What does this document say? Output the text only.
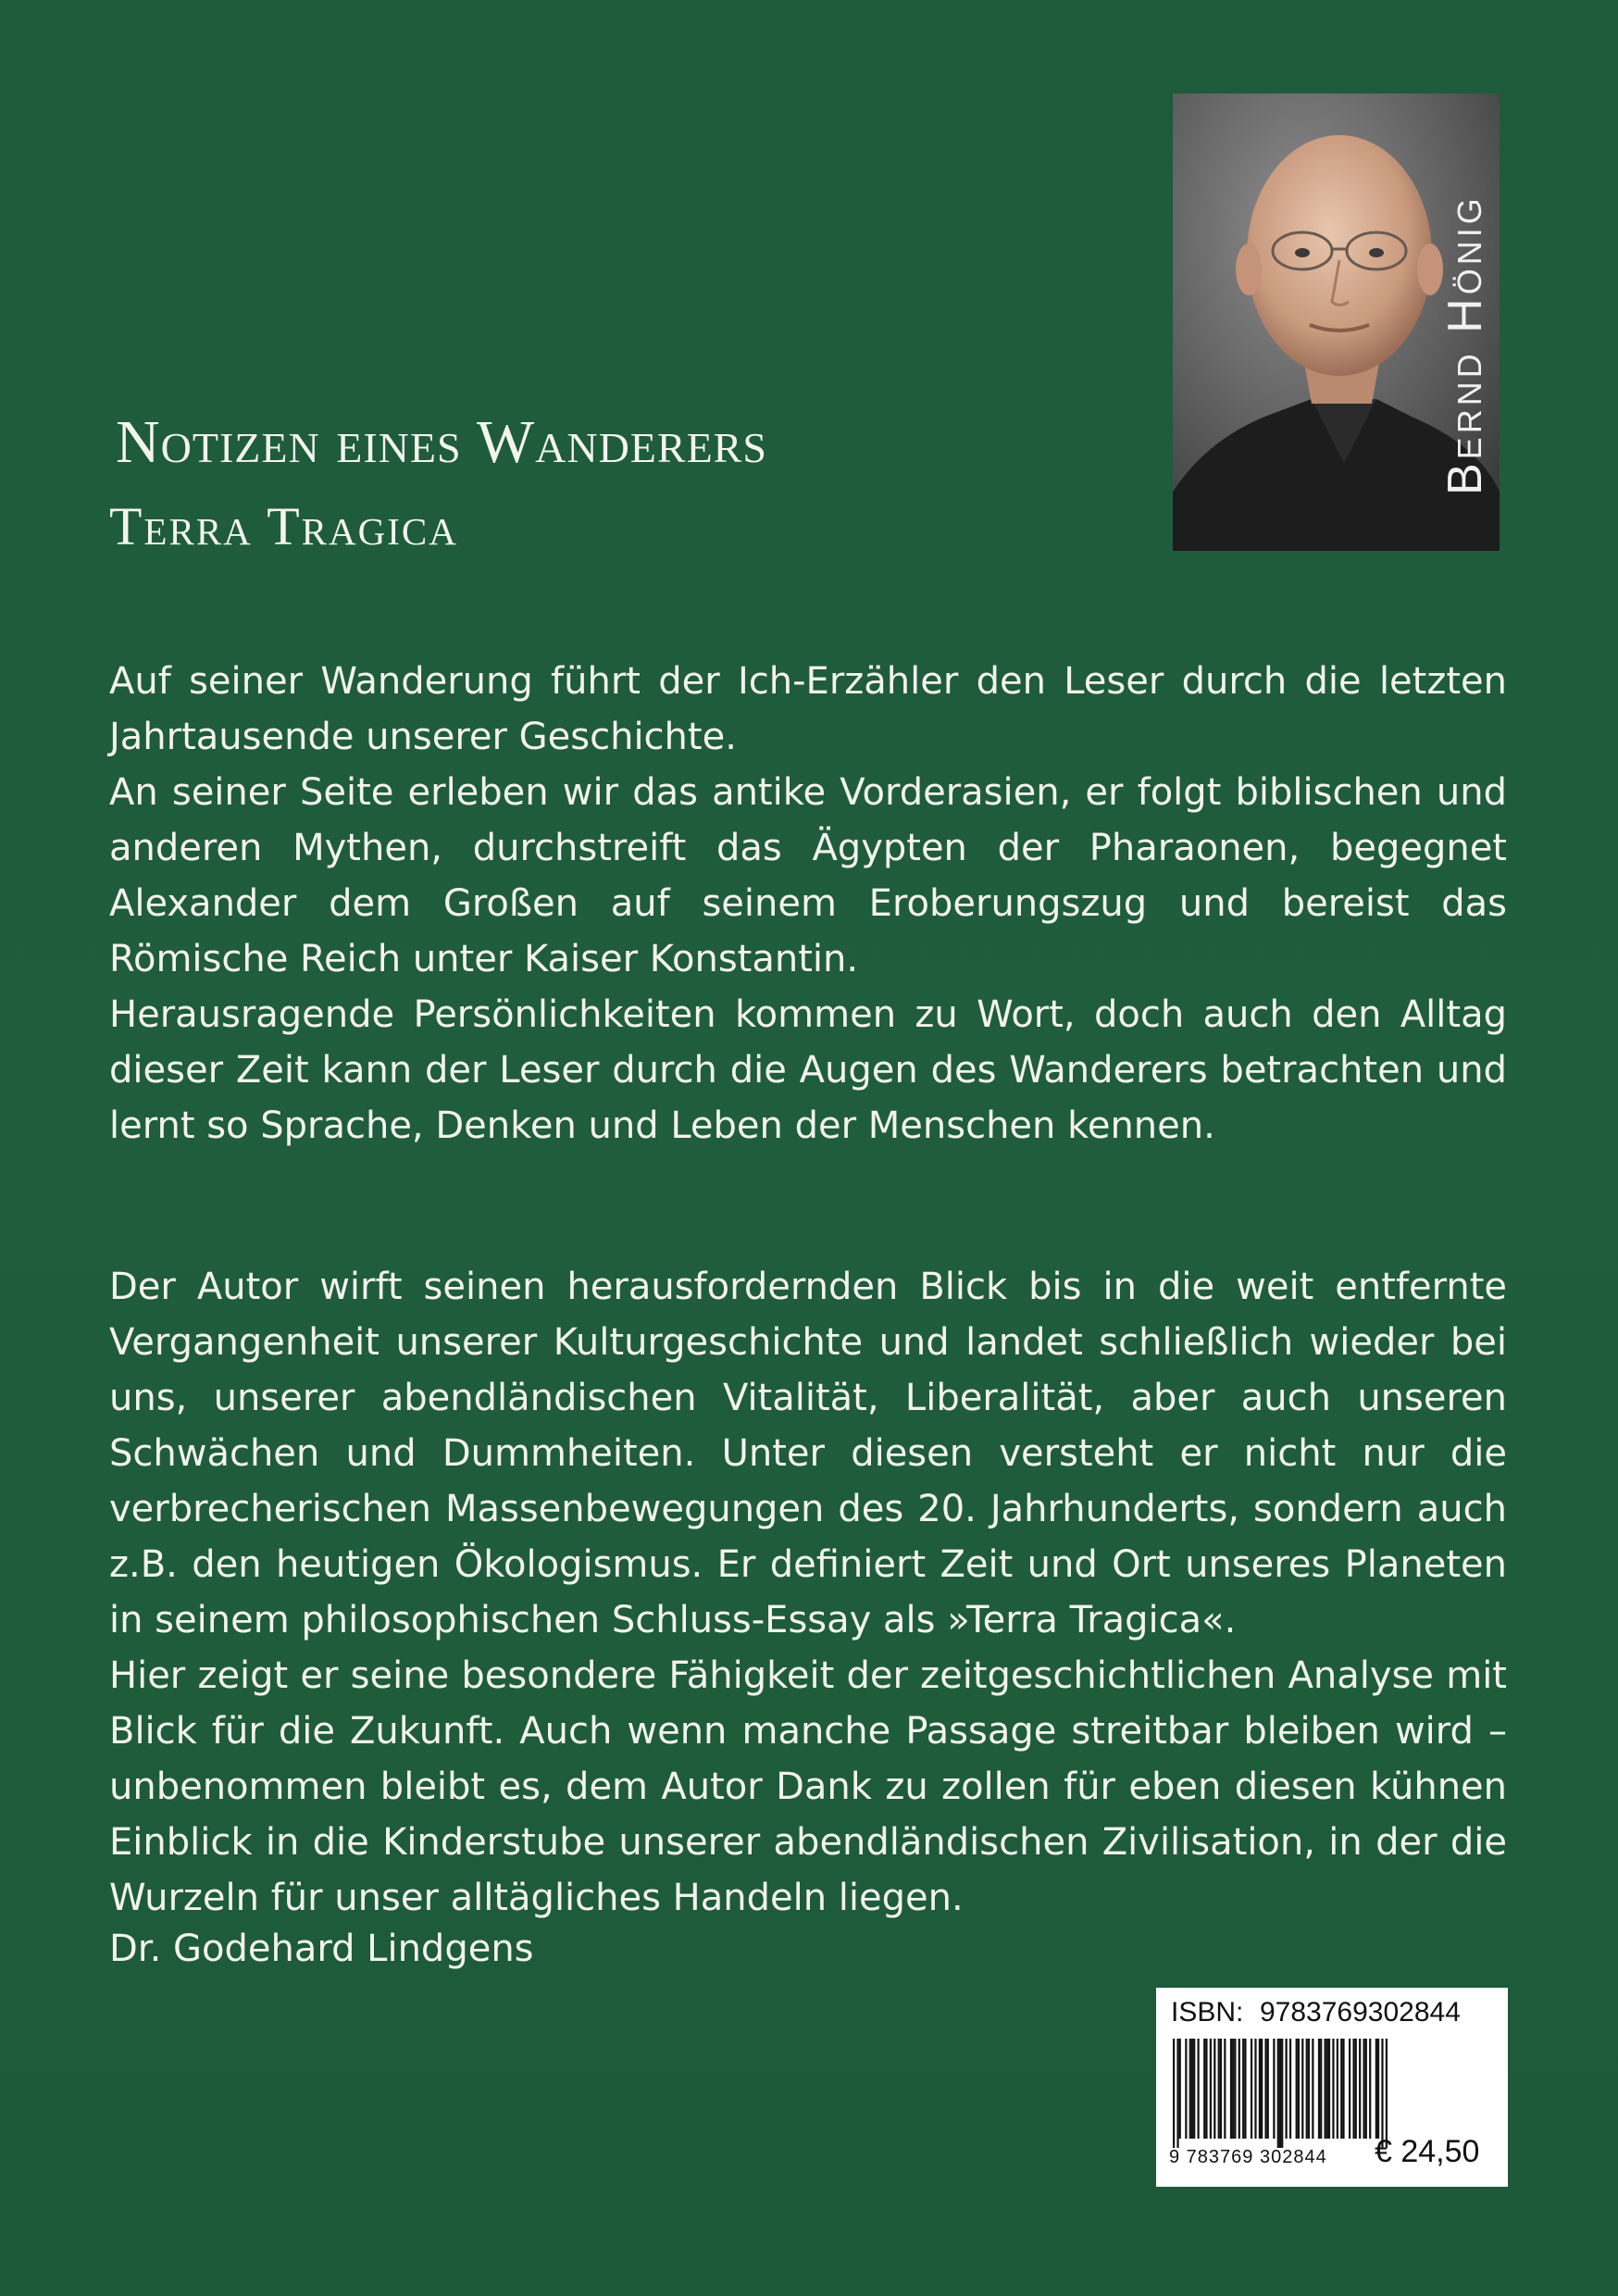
Bernd Hönig
Notizen eines Wanderers
Terra Tragica

Auf seiner Wanderung führt der Ich-Erzähler den Leser durch die letzten Jahrtausende unserer Geschichte.

An seiner Seite erleben wir das antike Vorderasien, er folgt biblischen und anderen Mythen, durchstreift das Ägypten der Pharaonen, begegnet Alexander dem Großen auf seinem Eroberungszug und bereist das Römische Reich unter Kaiser Konstantin.

Herausragende Persönlichkeiten kommen zu Wort, doch auch den Alltag dieser Zeit kann der Leser durch die Augen des Wanderers betrachten und lernt so Sprache, Denken und Leben der Menschen kennen.

Der Autor wirft seinen herausfordernden Blick bis in die weit entfernte Vergangenheit unserer Kulturgeschichte und landet schließlich wieder bei uns, unserer abendländischen Vitalität, Liberalität, aber auch unseren Schwächen und Dummheiten. Unter diesen versteht er nicht nur die verbrecherischen Massenbewegungen des 20. Jahrhunderts, sondern auch z.B. den heutigen Ökologismus. Er definiert Zeit und Ort unseres Planeten in seinem philosophischen Schluss-Essay als »Terra Tragica«.

Hier zeigt er seine besondere Fähigkeit der zeitgeschichtlichen Analyse mit Blick für die Zukunft. Auch wenn manche Passage streitbar bleiben wird – unbenommen bleibt es, dem Autor Dank zu zollen für eben diesen kühnen Einblick in die Kinderstube unserer abendländischen Zivilisation, in der die Wurzeln für unser alltägliches Handeln liegen.

Dr. Godehard Lindgens
ISBN: 9783769302844
9 783769 302844 € 24,50
